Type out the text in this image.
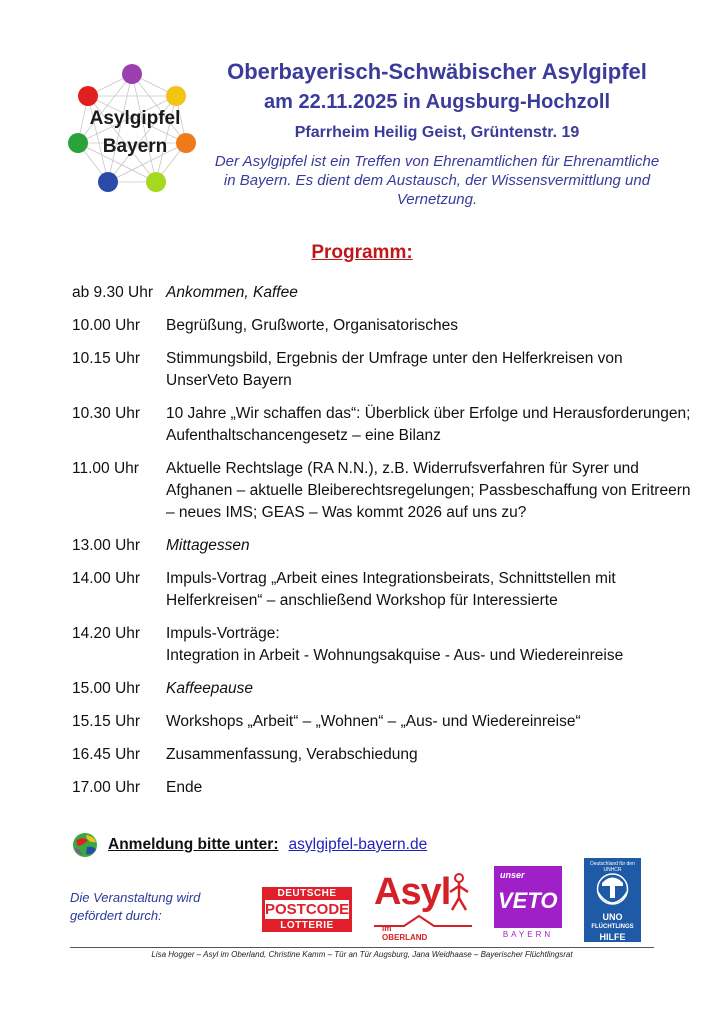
Asylgipfel
Bayern
Oberbayerisch-Schwäbischer Asylgipfel
am 22.11.2025 in Augsburg-Hochzoll
Pfarrheim Heilig Geist, Grüntenstr. 19
Der Asylgipfel ist ein Treffen von Ehrenamtlichen für Ehrenamtliche in Bayern. Es dient dem Austausch, der Wissensvermittlung und Vernetzung.
Programm:
ab 9.30 Uhr Ankommen, Kaffee
10.00 Uhr	Begrüßung, Grußworte, Organisatorisches
10.15 Uhr	Stimmungsbild, Ergebnis der Umfrage unter den Helferkreisen von UnserVeto Bayern
10.30 Uhr	10 Jahre „Wir schaffen das“: Überblick über Erfolge und Herausforderungen; Aufenthaltschancengesetz – eine Bilanz
11.00 Uhr	Aktuelle Rechtslage (RA N.N.), z.B. Widerrufsverfahren für Syrer und Afghanen – aktuelle Bleiberechtsregelungen; Passbeschaffung von Eritreern – neues IMS; GEAS – Was kommt 2026 auf uns zu?
13.00 Uhr	Mittagessen
14.00 Uhr	Impuls-Vortrag „Arbeit eines Integrationsbeirats, Schnittstellen mit Helferkreisen“ – anschließend Workshop für Interessierte
14.20 Uhr	Impuls-Vorträge:
Integration in Arbeit - Wohnungsakquise - Aus- und Wiedereinreise
15.00 Uhr	Kaffeepause
15.15 Uhr	Workshops „Arbeit“ – „Wohnen“ – „Aus- und Wiedereinreise“
16.45 Uhr	Zusammenfassung, Verabschiedung
17.00 Uhr	Ende
Anmeldung bitte unter: asylgipfel-bayern.de
Die Veranstaltung wird
gefördert durch:
DEUTSCHE
POSTCODE
LOTTERIE
Asyl
im
OBERLAND
unser
VETO
BAYERN
Deutschland für den UNHCR
UNO
FLÜCHTLINGS
HILFE
Lisa Hogger – Asyl im Oberland, Christine Kamm – Tür an Tür Augsburg, Jana Weidhaase – Bayerischer Flüchtlingsrat
